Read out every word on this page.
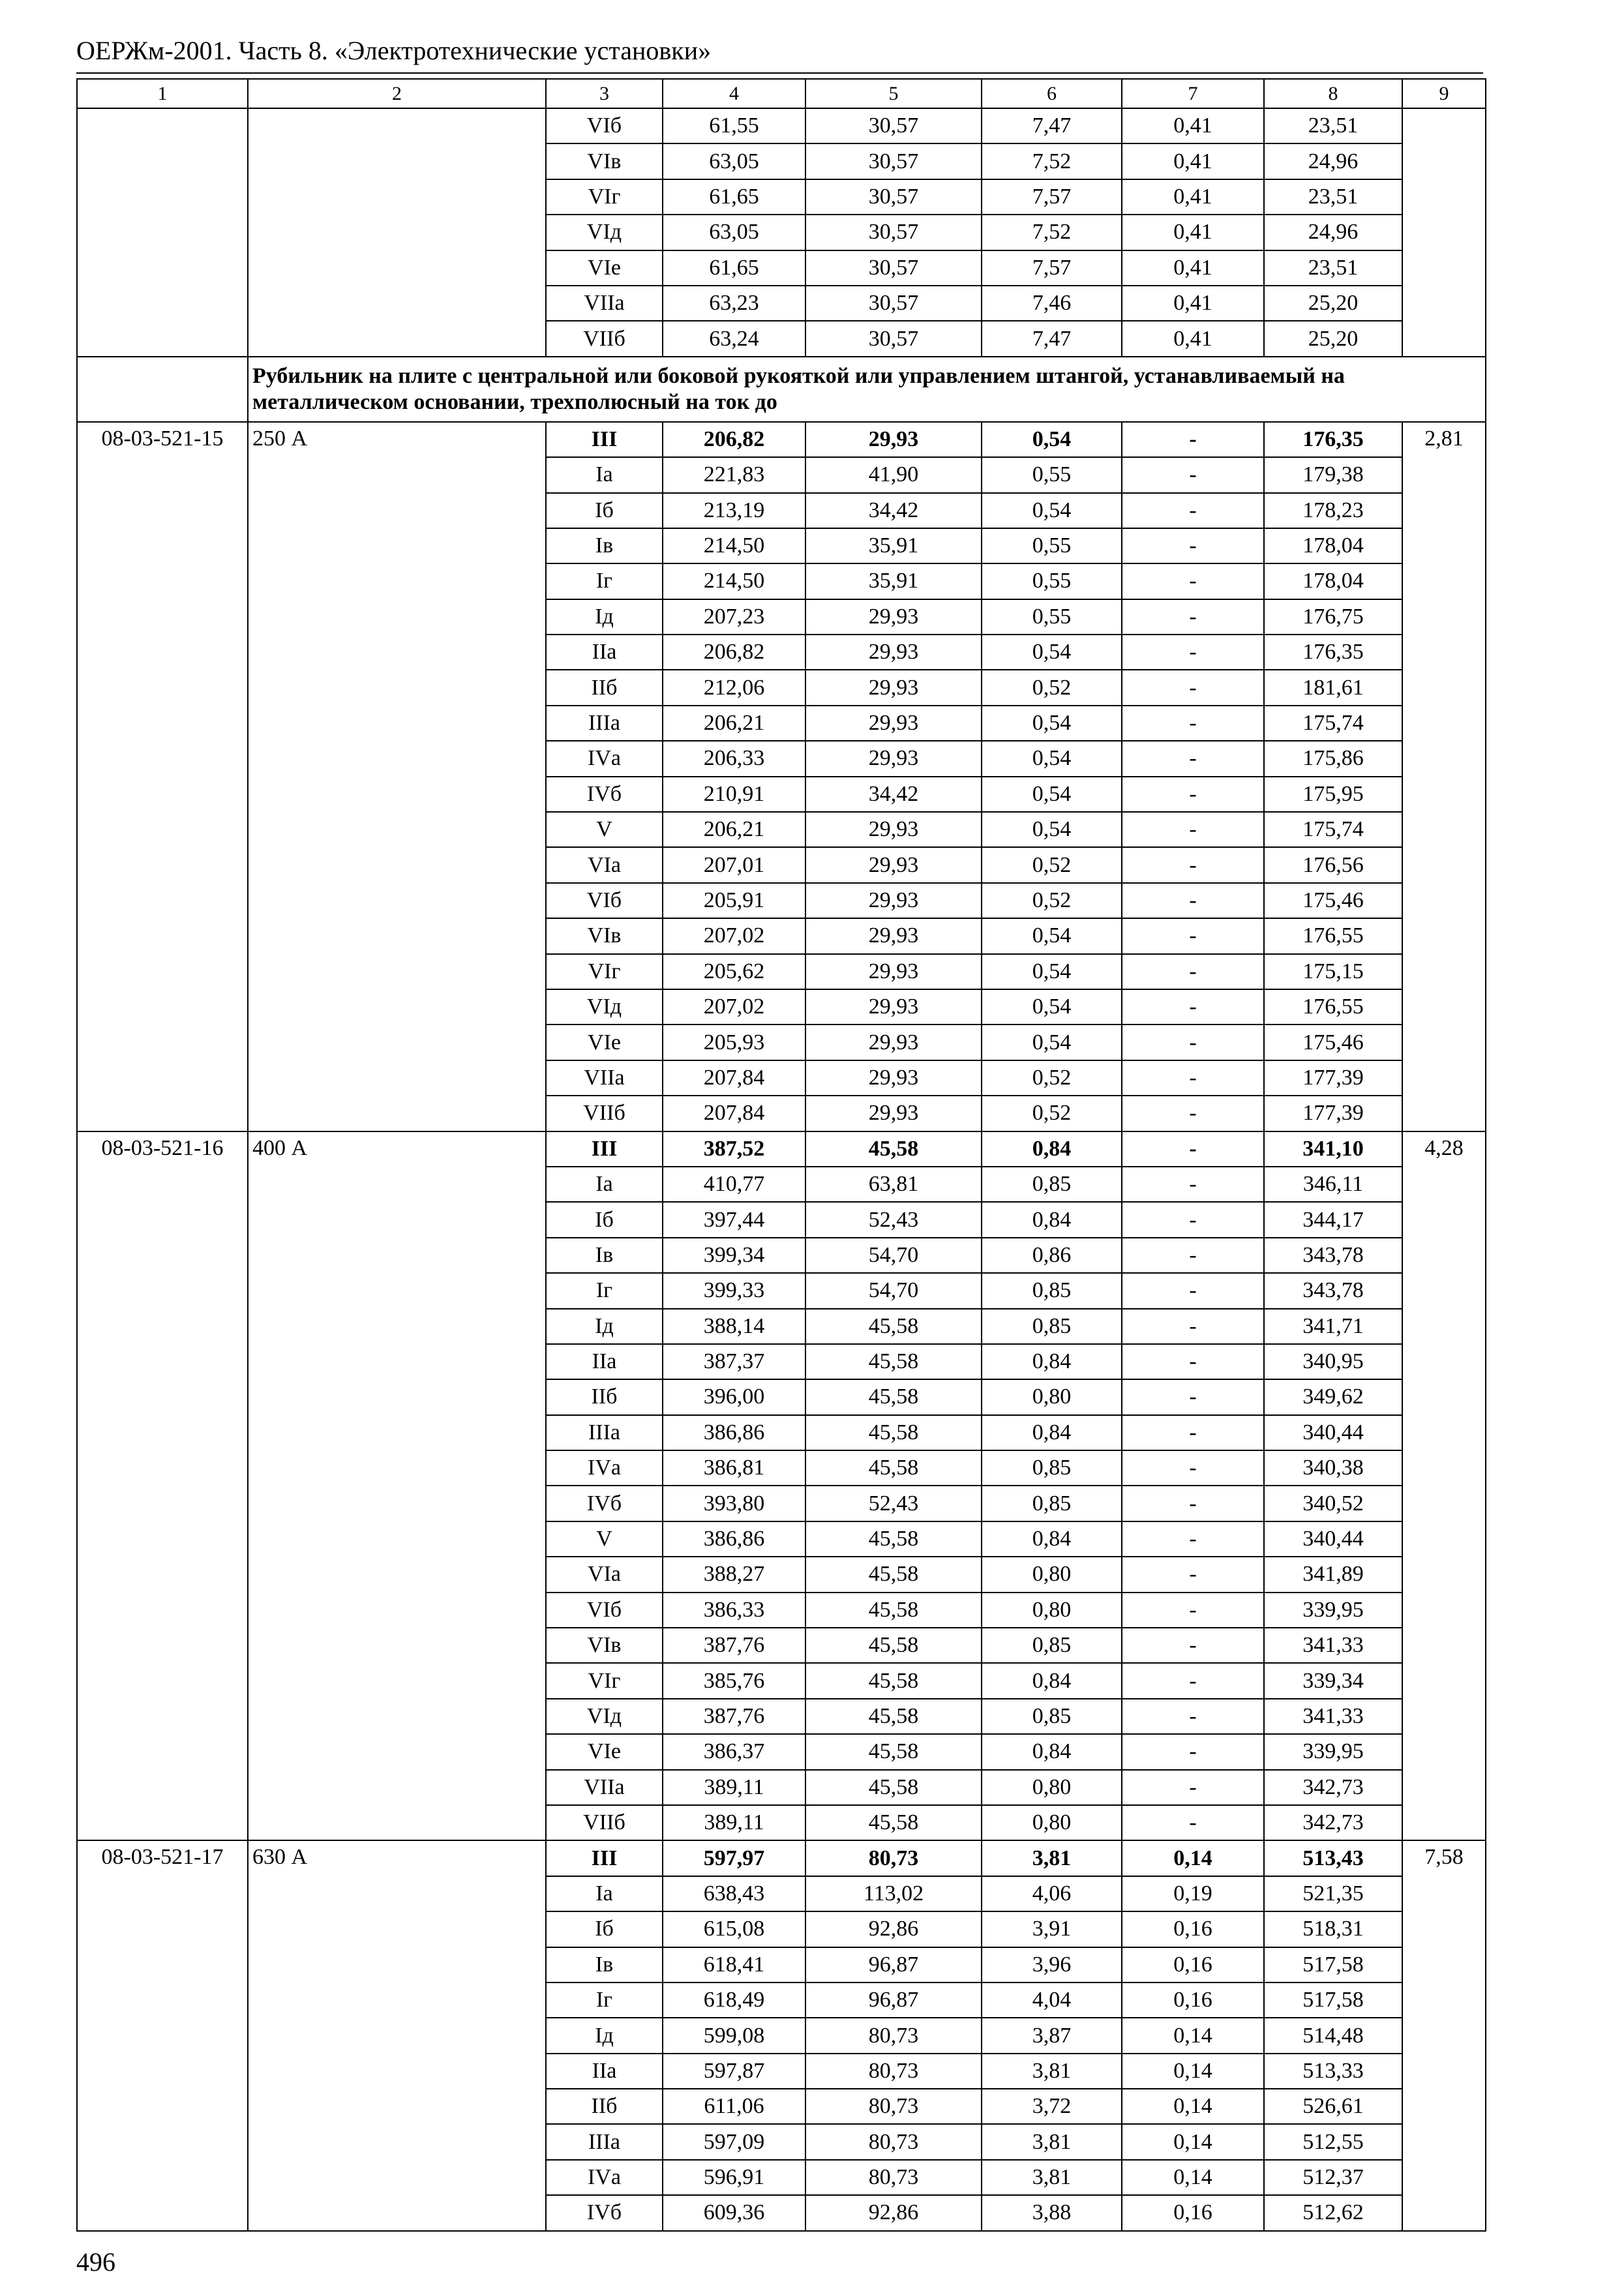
ОЕРЖм-2001. Часть 8. «Электротехнические установки»
1	2	3	4	5	6	7	8	9
		VIб	61,55	30,57	7,47	0,41	23,51	
		VIв	63,05	30,57	7,52	0,41	24,96	
		VIг	61,65	30,57	7,57	0,41	23,51	
		VIд	63,05	30,57	7,52	0,41	24,96	
		VIе	61,65	30,57	7,57	0,41	23,51	
		VIIа	63,23	30,57	7,46	0,41	25,20	
		VIIб	63,24	30,57	7,47	0,41	25,20	
	Рубильник на плите с центральной или боковой рукояткой или управлением штангой, устанавливаемый на металлическом основании, трехполюсный на ток до							
08-03-521-15	250 А	III	206,82	29,93	0,54	-	176,35	2,81
		Iа	221,83	41,90	0,55	-	179,38	
		Iб	213,19	34,42	0,54	-	178,23	
		Iв	214,50	35,91	0,55	-	178,04	
		Iг	214,50	35,91	0,55	-	178,04	
		Iд	207,23	29,93	0,55	-	176,75	
		IIа	206,82	29,93	0,54	-	176,35	
		IIб	212,06	29,93	0,52	-	181,61	
		IIIа	206,21	29,93	0,54	-	175,74	
		IVа	206,33	29,93	0,54	-	175,86	
		IVб	210,91	34,42	0,54	-	175,95	
		V	206,21	29,93	0,54	-	175,74	
		VIа	207,01	29,93	0,52	-	176,56	
		VIб	205,91	29,93	0,52	-	175,46	
		VIв	207,02	29,93	0,54	-	176,55	
		VIг	205,62	29,93	0,54	-	175,15	
		VIд	207,02	29,93	0,54	-	176,55	
		VIе	205,93	29,93	0,54	-	175,46	
		VIIа	207,84	29,93	0,52	-	177,39	
		VIIб	207,84	29,93	0,52	-	177,39	
08-03-521-16	400 А	III	387,52	45,58	0,84	-	341,10	4,28
		Iа	410,77	63,81	0,85	-	346,11	
		Iб	397,44	52,43	0,84	-	344,17	
		Iв	399,34	54,70	0,86	-	343,78	
		Iг	399,33	54,70	0,85	-	343,78	
		Iд	388,14	45,58	0,85	-	341,71	
		IIа	387,37	45,58	0,84	-	340,95	
		IIб	396,00	45,58	0,80	-	349,62	
		IIIа	386,86	45,58	0,84	-	340,44	
		IVа	386,81	45,58	0,85	-	340,38	
		IVб	393,80	52,43	0,85	-	340,52	
		V	386,86	45,58	0,84	-	340,44	
		VIа	388,27	45,58	0,80	-	341,89	
		VIб	386,33	45,58	0,80	-	339,95	
		VIв	387,76	45,58	0,85	-	341,33	
		VIг	385,76	45,58	0,84	-	339,34	
		VIд	387,76	45,58	0,85	-	341,33	
		VIе	386,37	45,58	0,84	-	339,95	
		VIIа	389,11	45,58	0,80	-	342,73	
		VIIб	389,11	45,58	0,80	-	342,73	
08-03-521-17	630 А	III	597,97	80,73	3,81	0,14	513,43	7,58
		Iа	638,43	113,02	4,06	0,19	521,35	
		Iб	615,08	92,86	3,91	0,16	518,31	
		Iв	618,41	96,87	3,96	0,16	517,58	
		Iг	618,49	96,87	4,04	0,16	517,58	
		Iд	599,08	80,73	3,87	0,14	514,48	
		IIа	597,87	80,73	3,81	0,14	513,33	
		IIб	611,06	80,73	3,72	0,14	526,61	
		IIIа	597,09	80,73	3,81	0,14	512,55	
		IVа	596,91	80,73	3,81	0,14	512,37	
		IVб	609,36	92,86	3,88	0,16	512,62	
496
